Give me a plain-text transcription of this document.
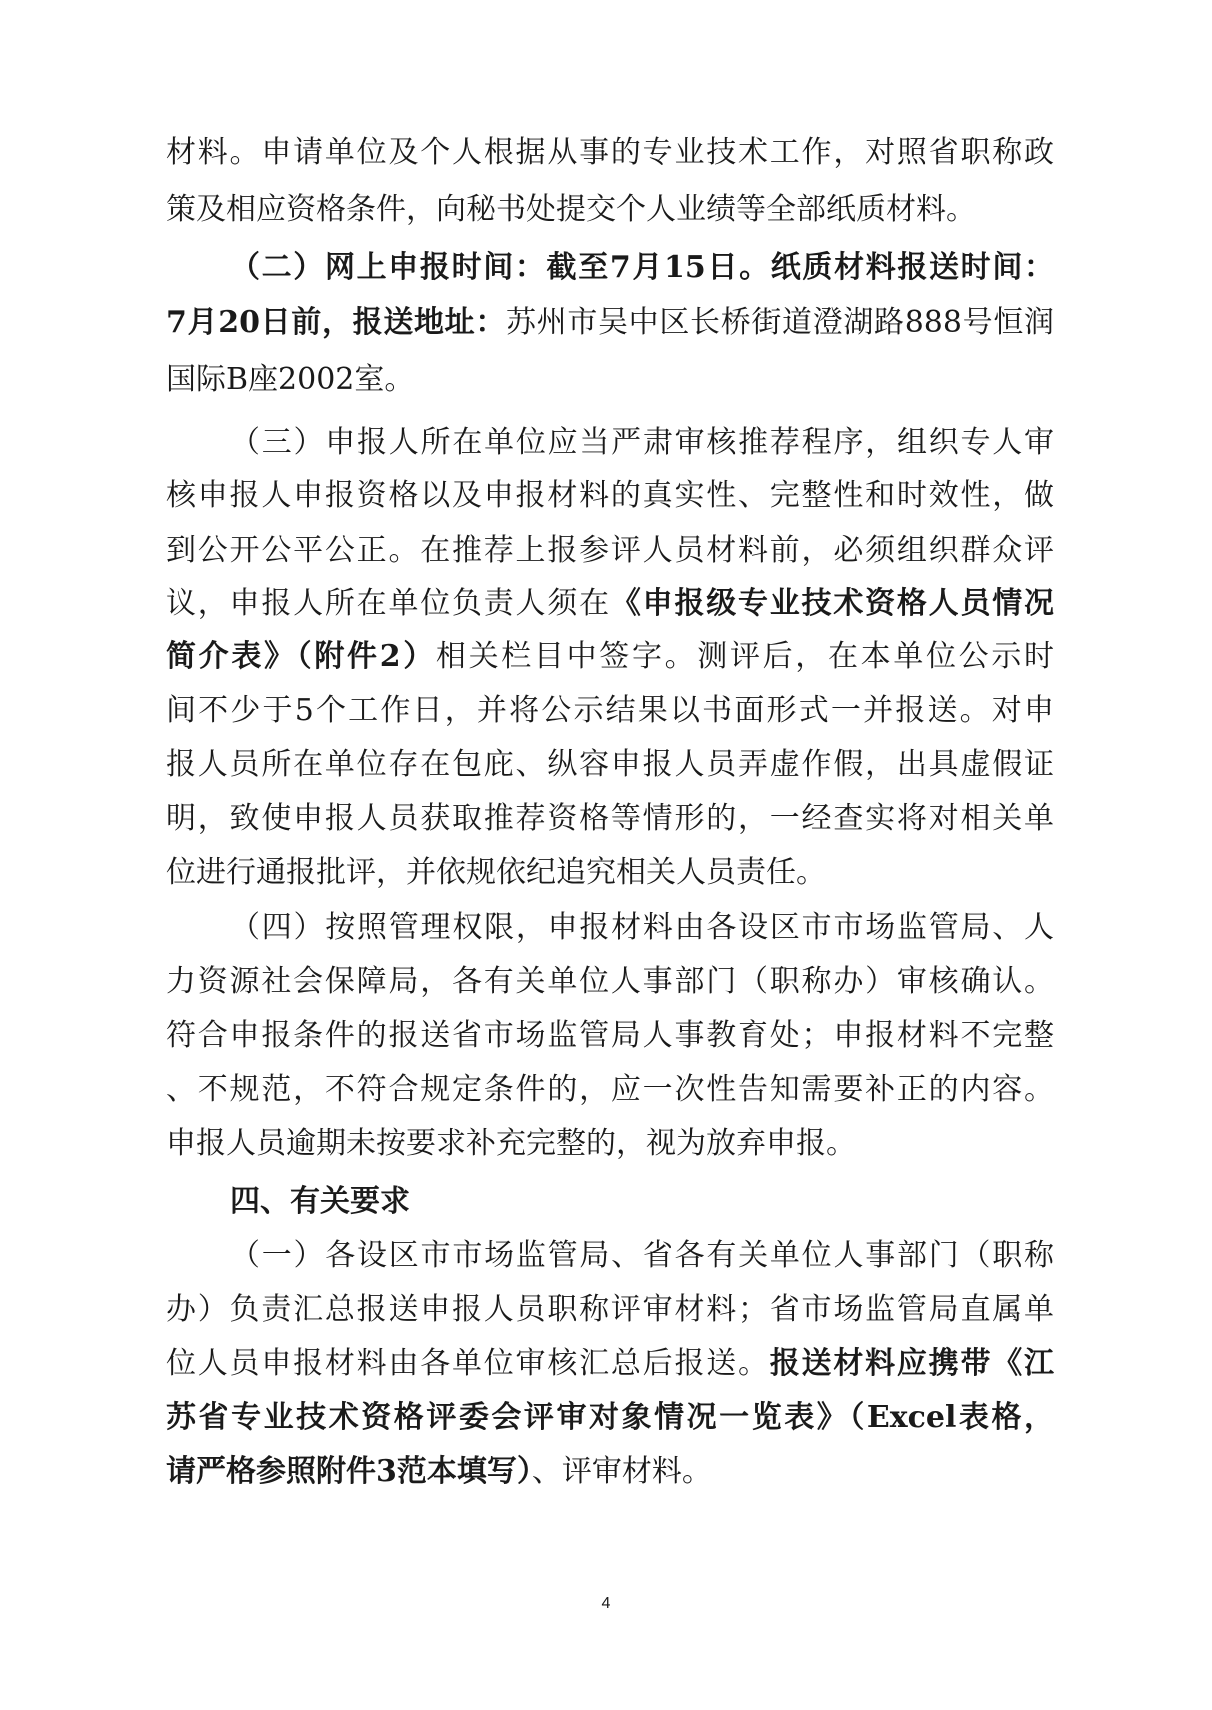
材料。申请单位及个人根据从事的专业技术工作，对照省职称政
策及相应资格条件，向秘书处提交个人业绩等全部纸质材料。
（二）网上申报时间：截至7月15日。纸质材料报送时间：
7月20日前，报送地址：苏州市吴中区长桥街道澄湖路888号恒润
国际B座2002室。
（三）申报人所在单位应当严肃审核推荐程序，组织专人审
核申报人申报资格以及申报材料的真实性、完整性和时效性，做
到公开公平公正。在推荐上报参评人员材料前，必须组织群众评
议，申报人所在单位负责人须在《申报级专业技术资格人员情况
简介表》（附件2）相关栏目中签字。测评后，在本单位公示时
间不少于5个工作日，并将公示结果以书面形式一并报送。对申
报人员所在单位存在包庇、纵容申报人员弄虚作假，出具虚假证
明，致使申报人员获取推荐资格等情形的，一经查实将对相关单
位进行通报批评，并依规依纪追究相关人员责任。
（四）按照管理权限，申报材料由各设区市市场监管局、人
力资源社会保障局，各有关单位人事部门（职称办）审核确认。
符合申报条件的报送省市场监管局人事教育处；申报材料不完整
、不规范，不符合规定条件的，应一次性告知需要补正的内容。
申报人员逾期未按要求补充完整的，视为放弃申报。
四、有关要求
（一）各设区市市场监管局、省各有关单位人事部门（职称
办）负责汇总报送申报人员职称评审材料；省市场监管局直属单
位人员申报材料由各单位审核汇总后报送。报送材料应携带《江
苏省专业技术资格评委会评审对象情况一览表》（Excel表格，
请严格参照附件3范本填写）、评审材料。
4
